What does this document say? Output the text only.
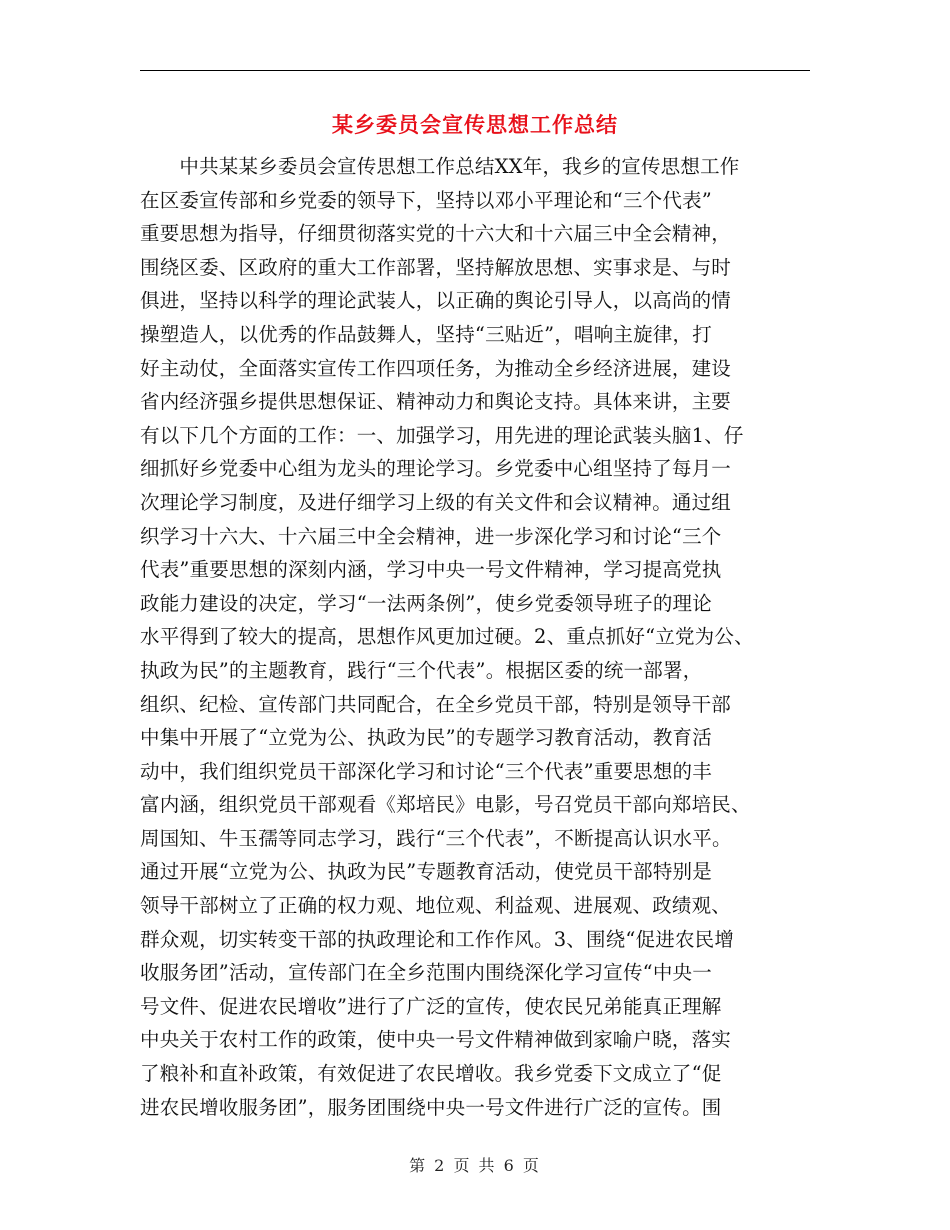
某乡委员会宣传思想工作总结
　　中共某某乡委员会宣传思想工作总结XX年，我乡的宣传思想工作
在区委宣传部和乡党委的领导下，坚持以邓小平理论和“三个代表”
重要思想为指导，仔细贯彻落实党的十六大和十六届三中全会精神，
围绕区委、区政府的重大工作部署，坚持解放思想、实事求是、与时
俱进，坚持以科学的理论武装人，以正确的舆论引导人，以高尚的情
操塑造人，以优秀的作品鼓舞人，坚持“三贴近”，唱响主旋律，打
好主动仗，全面落实宣传工作四项任务，为推动全乡经济进展，建设
省内经济强乡提供思想保证、精神动力和舆论支持。具体来讲，主要
有以下几个方面的工作：一、加强学习，用先进的理论武装头脑1、仔
细抓好乡党委中心组为龙头的理论学习。乡党委中心组坚持了每月一
次理论学习制度，及进仔细学习上级的有关文件和会议精神。通过组
织学习十六大、十六届三中全会精神，进一步深化学习和讨论“三个
代表”重要思想的深刻内涵，学习中央一号文件精神，学习提高党执
政能力建设的决定，学习“一法两条例”，使乡党委领导班子的理论
水平得到了较大的提高，思想作风更加过硬。2、重点抓好“立党为公、
执政为民”的主题教育，践行“三个代表”。根据区委的统一部署，
组织、纪检、宣传部门共同配合，在全乡党员干部，特别是领导干部
中集中开展了“立党为公、执政为民”的专题学习教育活动，教育活
动中，我们组织党员干部深化学习和讨论“三个代表”重要思想的丰
富内涵，组织党员干部观看《郑培民》电影，号召党员干部向郑培民、
周国知、牛玉孺等同志学习，践行“三个代表”，不断提高认识水平。
通过开展“立党为公、执政为民”专题教育活动，使党员干部特别是
领导干部树立了正确的权力观、地位观、利益观、进展观、政绩观、
群众观，切实转变干部的执政理论和工作作风。3、围绕“促进农民增
收服务团”活动，宣传部门在全乡范围内围绕深化学习宣传“中央一
号文件、促进农民增收”进行了广泛的宣传，使农民兄弟能真正理解
中央关于农村工作的政策，使中央一号文件精神做到家喻户晓，落实
了粮补和直补政策，有效促进了农民增收。我乡党委下文成立了“促
进农民增收服务团”，服务团围绕中央一号文件进行广泛的宣传。围
第 2 页 共 6 页
